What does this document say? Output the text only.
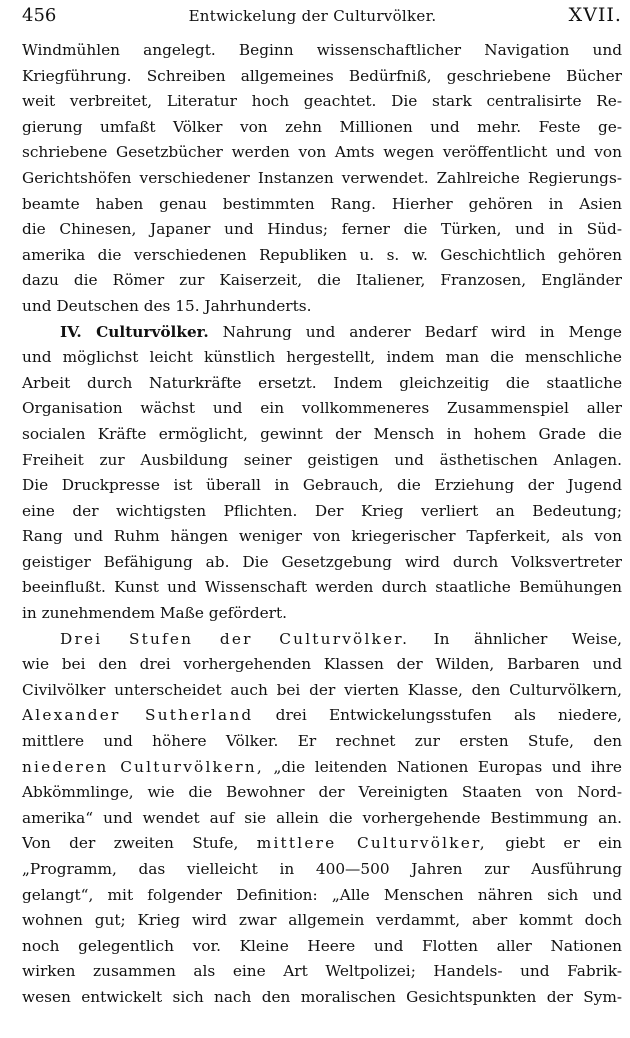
456	Entwickelung der Culturvölker.	XVII.
Windmühlen angelegt. Beginn wissenschaftlicher Navigation und
Kriegführung. Schreiben allgemeines Bedürfniß, geschriebene Bücher
weit verbreitet, Literatur hoch geachtet. Die stark centralisirte Re-
gierung umfaßt Völker von zehn Millionen und mehr. Feste ge-
schriebene Gesetzbücher werden von Amts wegen veröffentlicht und von
Gerichtshöfen verschiedener Instanzen verwendet. Zahlreiche Regierungs-
beamte haben genau bestimmten Rang. Hierher gehören in Asien
die Chinesen, Japaner und Hindus; ferner die Türken, und in Süd-
amerika die verschiedenen Republiken u. s. w. Geschichtlich gehören
dazu die Römer zur Kaiserzeit, die Italiener, Franzosen, Engländer
und Deutschen des 15. Jahrhunderts.
IV. Culturvölker. Nahrung und anderer Bedarf wird in Menge
und möglichst leicht künstlich hergestellt, indem man die menschliche
Arbeit durch Naturkräfte ersetzt. Indem gleichzeitig die staatliche
Organisation wächst und ein vollkommeneres Zusammenspiel aller
socialen Kräfte ermöglicht, gewinnt der Mensch in hohem Grade die
Freiheit zur Ausbildung seiner geistigen und ästhetischen Anlagen.
Die Druckpresse ist überall in Gebrauch, die Erziehung der Jugend
eine der wichtigsten Pflichten. Der Krieg verliert an Bedeutung;
Rang und Ruhm hängen weniger von kriegerischer Tapferkeit, als von
geistiger Befähigung ab. Die Gesetzgebung wird durch Volksvertreter
beeinflußt. Kunst und Wissenschaft werden durch staatliche Bemühungen
in zunehmendem Maße gefördert.
Drei Stufen der Culturvölker. In ähnlicher Weise,
wie bei den drei vorhergehenden Klassen der Wilden, Barbaren und
Civilvölker unterscheidet auch bei der vierten Klasse, den Culturvölkern,
Alexander Sutherland drei Entwickelungsstufen als niedere,
mittlere und höhere Völker. Er rechnet zur ersten Stufe, den
niederen Culturvölkern, „die leitenden Nationen Europas und ihre
Abkömmlinge, wie die Bewohner der Vereinigten Staaten von Nord-
amerika“ und wendet auf sie allein die vorhergehende Bestimmung an.
Von der zweiten Stufe, mittlere Culturvölker, giebt er ein
„Programm, das vielleicht in 400—500 Jahren zur Ausführung
gelangt“, mit folgender Definition: „Alle Menschen nähren sich und
wohnen gut; Krieg wird zwar allgemein verdammt, aber kommt doch
noch gelegentlich vor. Kleine Heere und Flotten aller Nationen
wirken zusammen als eine Art Weltpolizei; Handels- und Fabrik-
wesen entwickelt sich nach den moralischen Gesichtspunkten der Sym-
